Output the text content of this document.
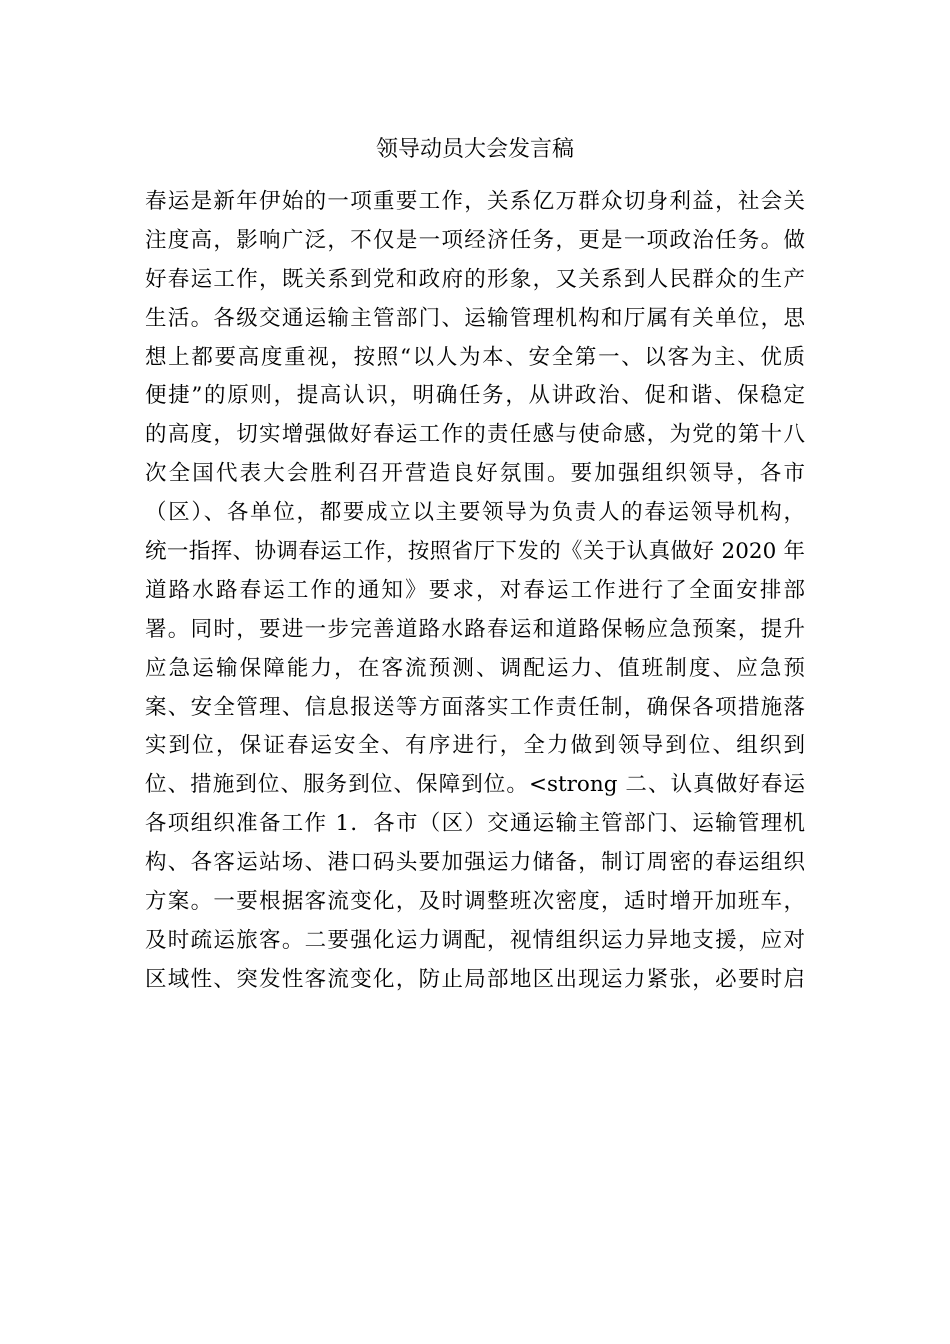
领导动员大会发言稿
春运是新年伊始的一项重要工作，关系亿万群众切身利益，社会关
注度高，影响广泛，不仅是一项经济任务，更是一项政治任务。做
好春运工作，既关系到党和政府的形象，又关系到人民群众的生产
生活。各级交通运输主管部门、运输管理机构和厅属有关单位，思
想上都要高度重视，按照“以人为本、安全第一、以客为主、优质
便捷”的原则，提高认识，明确任务，从讲政治、促和谐、保稳定
的高度，切实增强做好春运工作的责任感与使命感，为党的第十八
次全国代表大会胜利召开营造良好氛围。要加强组织领导，各市
（区）、各单位，都要成立以主要领导为负责人的春运领导机构，
统一指挥、协调春运工作，按照省厅下发的《关于认真做好 2020 年
道路水路春运工作的通知》要求，对春运工作进行了全面安排部
署。同时，要进一步完善道路水路春运和道路保畅应急预案，提升
应急运输保障能力，在客流预测、调配运力、值班制度、应急预
案、安全管理、信息报送等方面落实工作责任制，确保各项措施落
实到位，保证春运安全、有序进行，全力做到领导到位、组织到
位、措施到位、服务到位、保障到位。<strong 二、认真做好春运
各项组织准备工作 1．各市（区）交通运输主管部门、运输管理机
构、各客运站场、港口码头要加强运力储备，制订周密的春运组织
方案。一要根据客流变化，及时调整班次密度，适时增开加班车，
及时疏运旅客。二要强化运力调配，视情组织运力异地支援，应对
区域性、突发性客流变化，防止局部地区出现运力紧张，必要时启
